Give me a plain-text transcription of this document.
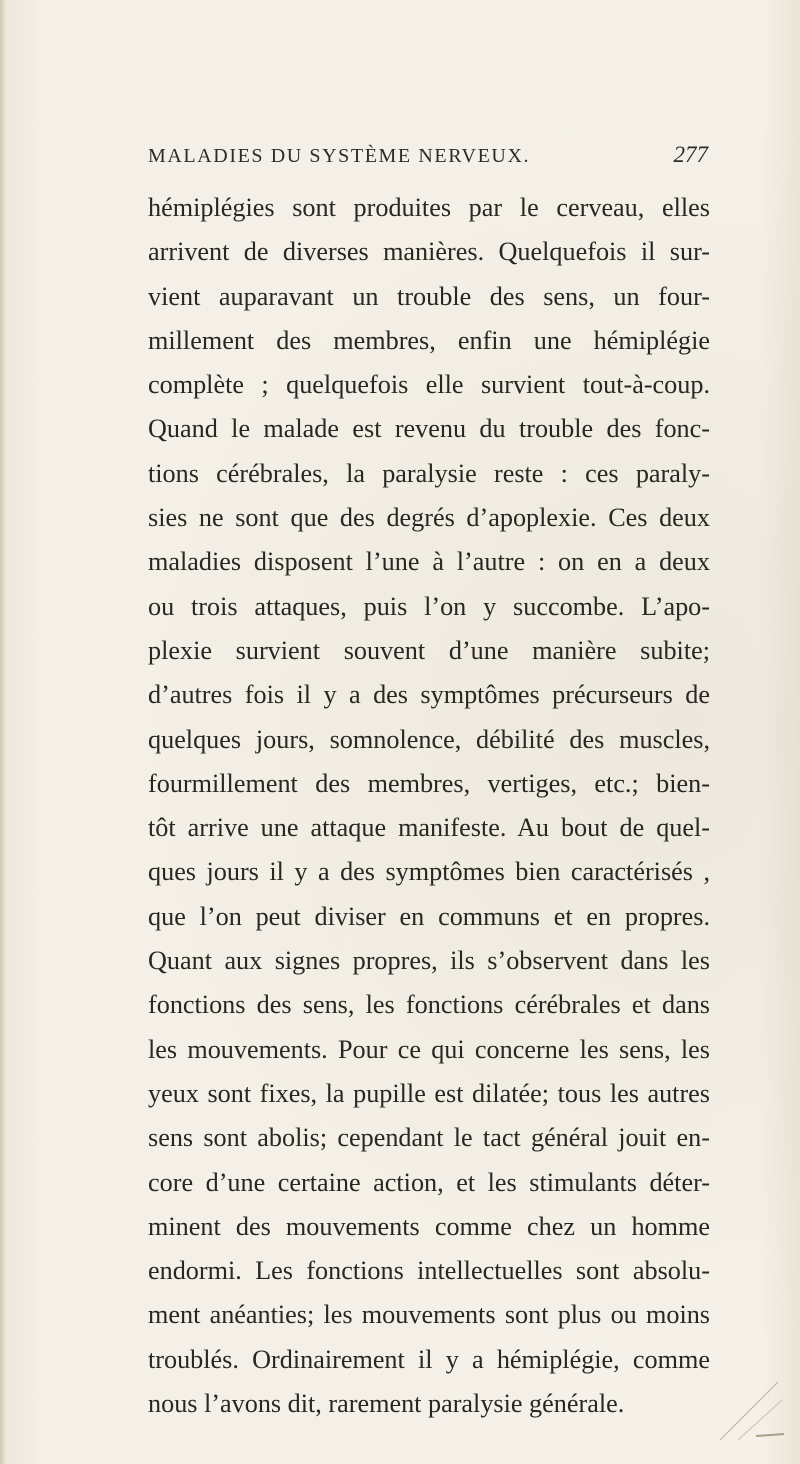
MALADIES DU SYSTÈME NERVEUX.	277
hémiplégies sont produites par le cerveau, elles
arrivent de diverses manières. Quelquefois il sur-
vient auparavant un trouble des sens, un four-
millement des membres, enfin une hémiplégie
complète ; quelquefois elle survient tout-à-coup.
Quand le malade est revenu du trouble des fonc-
tions cérébrales, la paralysie reste : ces paraly-
sies ne sont que des degrés d’apoplexie. Ces deux
maladies disposent l’une à l’autre : on en a deux
ou trois attaques, puis l’on y succombe. L’apo-
plexie survient souvent d’une manière subite;
d’autres fois il y a des symptômes précurseurs de
quelques jours, somnolence, débilité des muscles,
fourmillement des membres, vertiges, etc.; bien-
tôt arrive une attaque manifeste. Au bout de quel-
ques jours il y a des symptômes bien caractérisés ,
que l’on peut diviser en communs et en propres.
Quant aux signes propres, ils s’observent dans les
fonctions des sens, les fonctions cérébrales et dans
les mouvements. Pour ce qui concerne les sens, les
yeux sont fixes, la pupille est dilatée; tous les autres
sens sont abolis; cependant le tact général jouit en-
core d’une certaine action, et les stimulants déter-
minent des mouvements comme chez un homme
endormi. Les fonctions intellectuelles sont absolu-
ment anéanties; les mouvements sont plus ou moins
troublés. Ordinairement il y a hémiplégie, comme
nous l’avons dit, rarement paralysie générale.
